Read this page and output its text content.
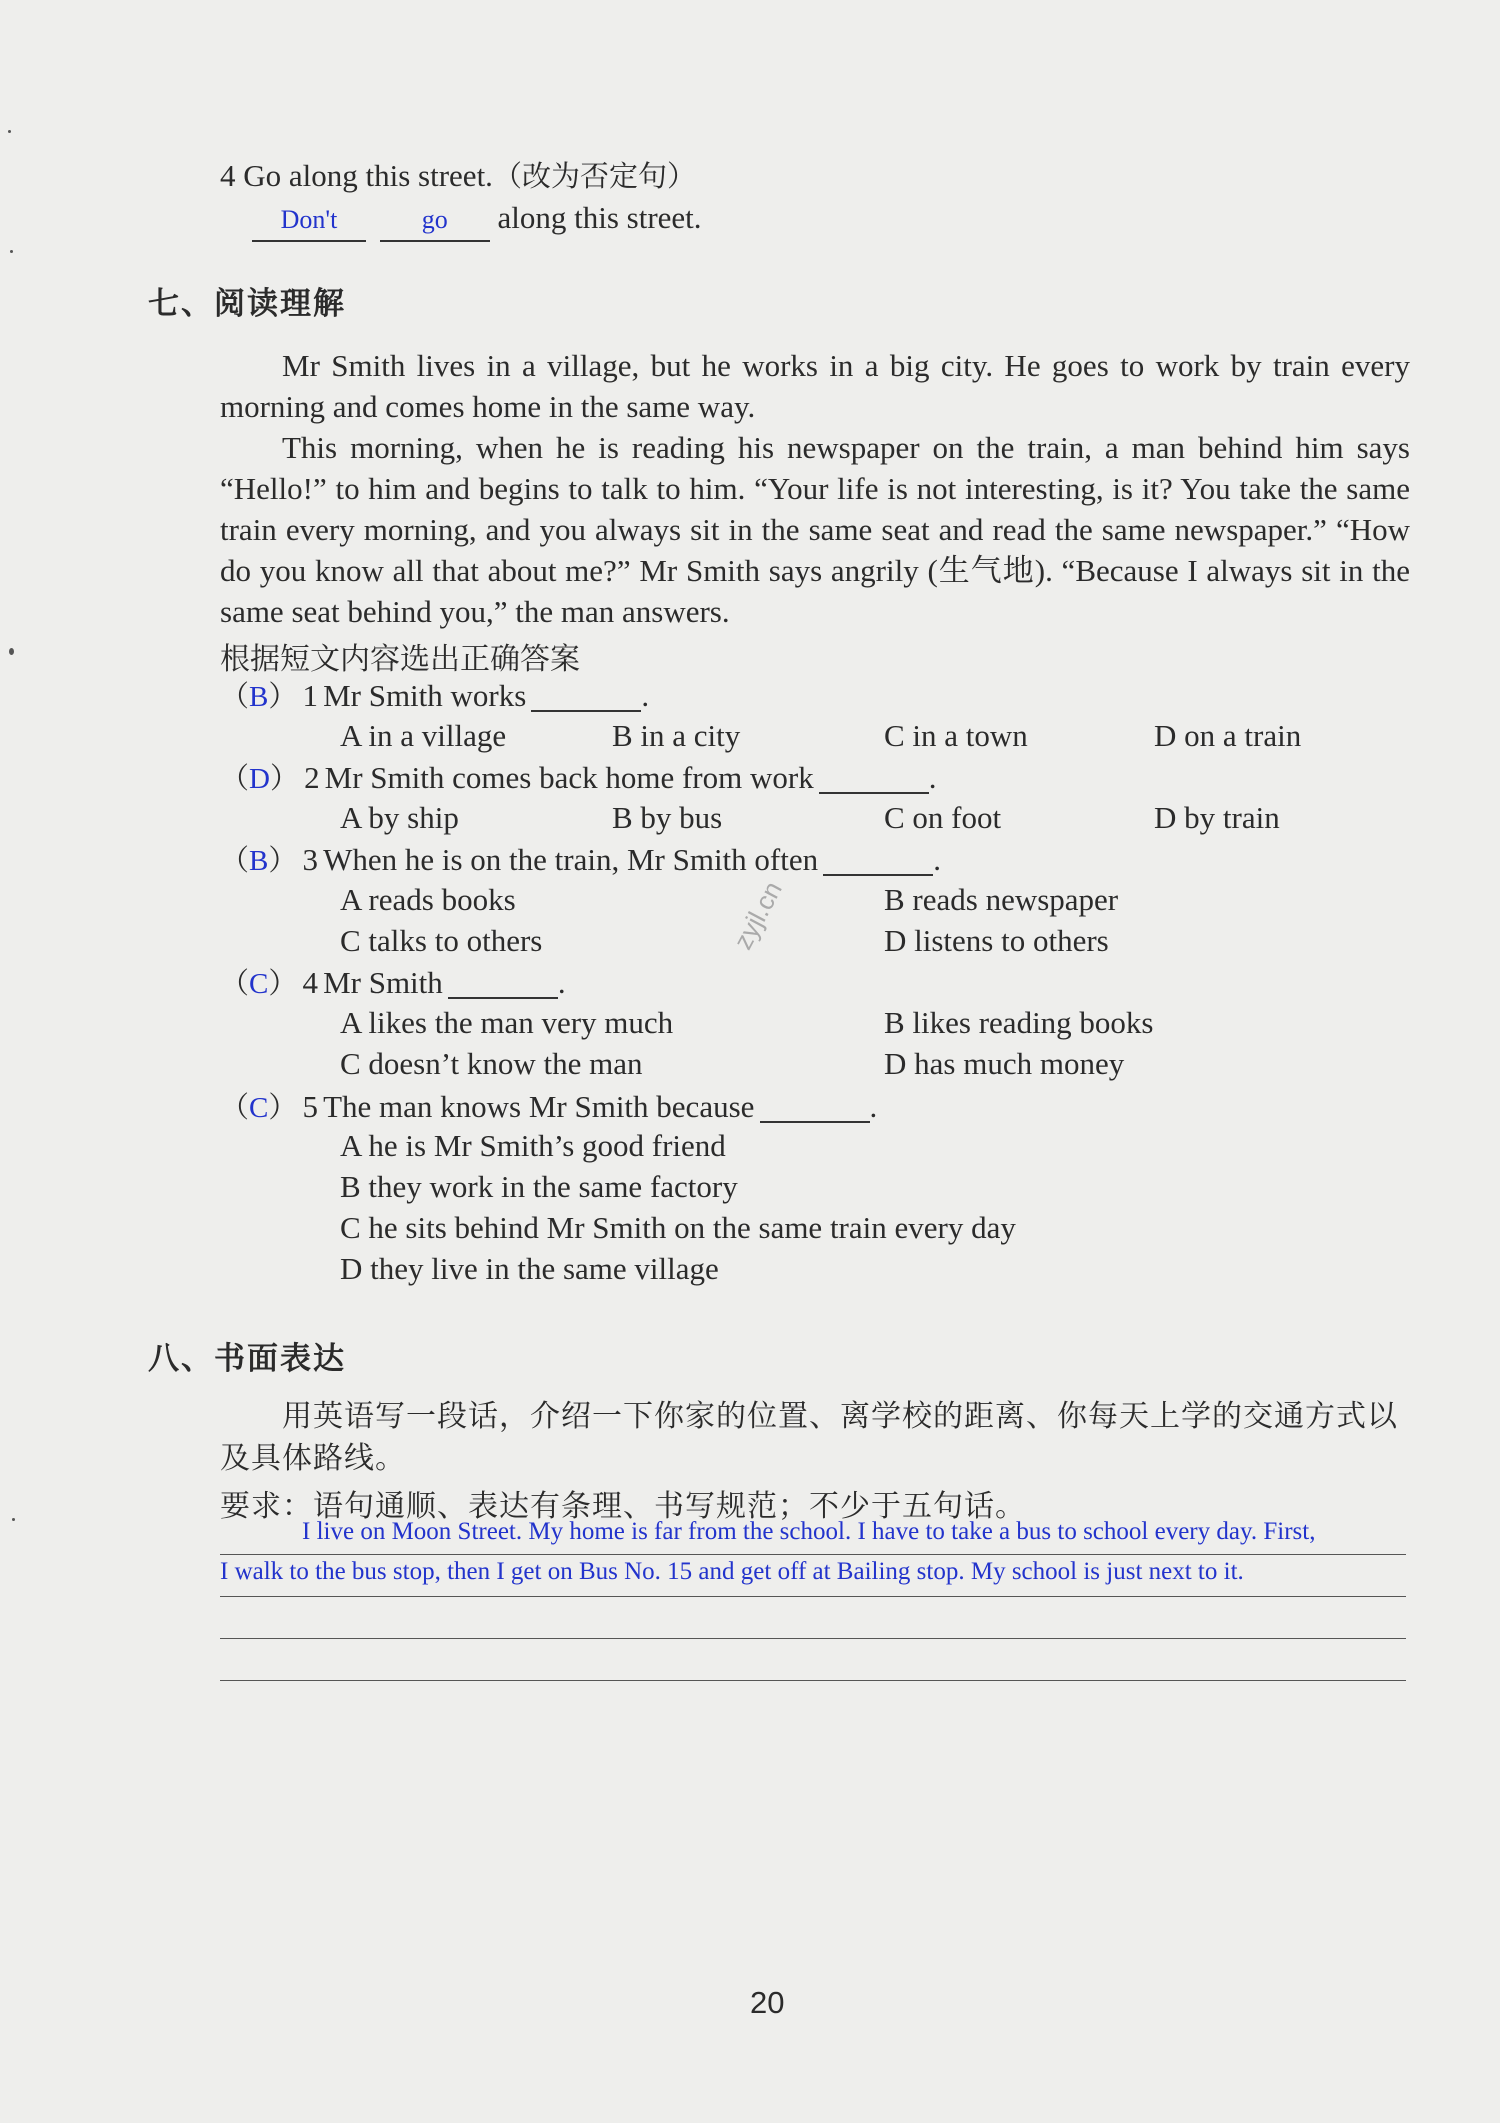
4 Go along this street.（改为否定句）
Don't	go along this street.
七、阅读理解
Mr Smith lives in a village, but he works in a big city. He goes to work by train every morning and comes home in the same way.
This morning, when he is reading his newspaper on the train, a man behind him says “Hello!” to him and begins to talk to him. “Your life is not interesting, is it? You take the same train every morning, and you always sit in the same seat and read the same newspaper.” “How do you know all that about me?” Mr Smith says angrily (生气地). “Because I always sit in the same seat behind you,” the man answers.
根据短文内容选出正确答案
（B） 1 Mr Smith works	.
A in a village	B in a city	C in a town	D on a train
（D） 2 Mr Smith comes back home from work	.
A by ship	B by bus	C on foot	D by train
（B） 3 When he is on the train, Mr Smith often	.
A reads books	B reads newspaper
C talks to others	D listens to others
（C） 4 Mr Smith	.
A likes the man very much	B likes reading books
C doesn’t know the man	D has much money
（C） 5 The man knows Mr Smith because	.
A he is Mr Smith’s good friend
B they work in the same factory
C he sits behind Mr Smith on the same train every day
D they live in the same village
zyjl.cn
八、书面表达
用英语写一段话，介绍一下你家的位置、离学校的距离、你每天上学的交通方式以及具体路线。
要求：语句通顺、表达有条理、书写规范；不少于五句话。
I live on Moon Street. My home is far from the school. I have to take a bus to school every day. First,
I walk to the bus stop, then I get on Bus No. 15 and get off at Bailing stop. My school is just next to it.
20
